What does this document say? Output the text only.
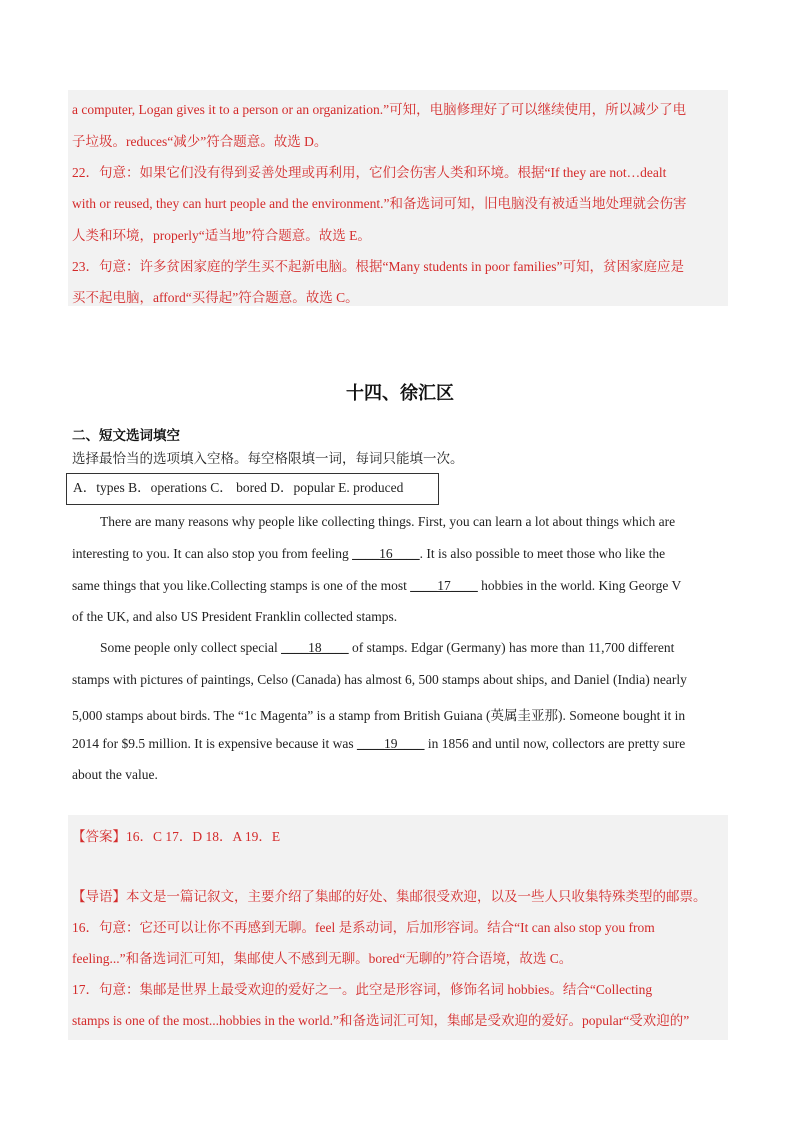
a computer, Logan gives it to a person or an organization.”可知，电脑修理好了可以继续使用，所以减少了电
子垃圾。reduces“减少”符合题意。故选 D。
22．句意：如果它们没有得到妥善处理或再利用，它们会伤害人类和环境。根据“If they are not…dealt
with or reused, they can hurt people and the environment.”和备选词可知，旧电脑没有被适当地处理就会伤害
人类和环境，properly“适当地”符合题意。故选 E。
23．句意：许多贫困家庭的学生买不起新电脑。根据“Many students in poor families”可知，贫困家庭应是
买不起电脑，afford“买得起”符合题意。故选 C。
十四、徐汇区
二、短文选词填空
选择最恰当的选项填入空格。每空格限填一词，每词只能填一次。
A．types B．operations C． bored D．popular E. produced
There are many reasons why people like collecting things. First, you can learn a lot about things which are
interesting to you. It can also stop you from feeling ____16____. It is also possible to meet those who like the
same things that you like.Collecting stamps is one of the most ____17____ hobbies in the world. King George V
of the UK, and also US President Franklin collected stamps.
Some people only collect special ____18____ of stamps. Edgar (Germany) has more than 11,700 different
stamps with pictures of paintings, Celso (Canada) has almost 6, 500 stamps about ships, and Daniel (India) nearly
5,000 stamps about birds. The “1c Magenta” is a stamp from British Guiana (英属圭亚那). Someone bought it in
2014 for $9.5 million. It is expensive because it was ____19____ in 1856 and until now, collectors are pretty sure
about the value.
【答案】16．C 17．D 18．A 19．E
【导语】本文是一篇记叙文，主要介绍了集邮的好处、集邮很受欢迎，以及一些人只收集特殊类型的邮票。
16．句意：它还可以让你不再感到无聊。feel 是系动词，后加形容词。结合“It can also stop you from
feeling...”和备选词汇可知，集邮使人不感到无聊。bored“无聊的”符合语境，故选 C。
17．句意：集邮是世界上最受欢迎的爱好之一。此空是形容词，修饰名词 hobbies。结合“Collecting
stamps is one of the most...hobbies in the world.”和备选词汇可知，集邮是受欢迎的爱好。popular“受欢迎的”
